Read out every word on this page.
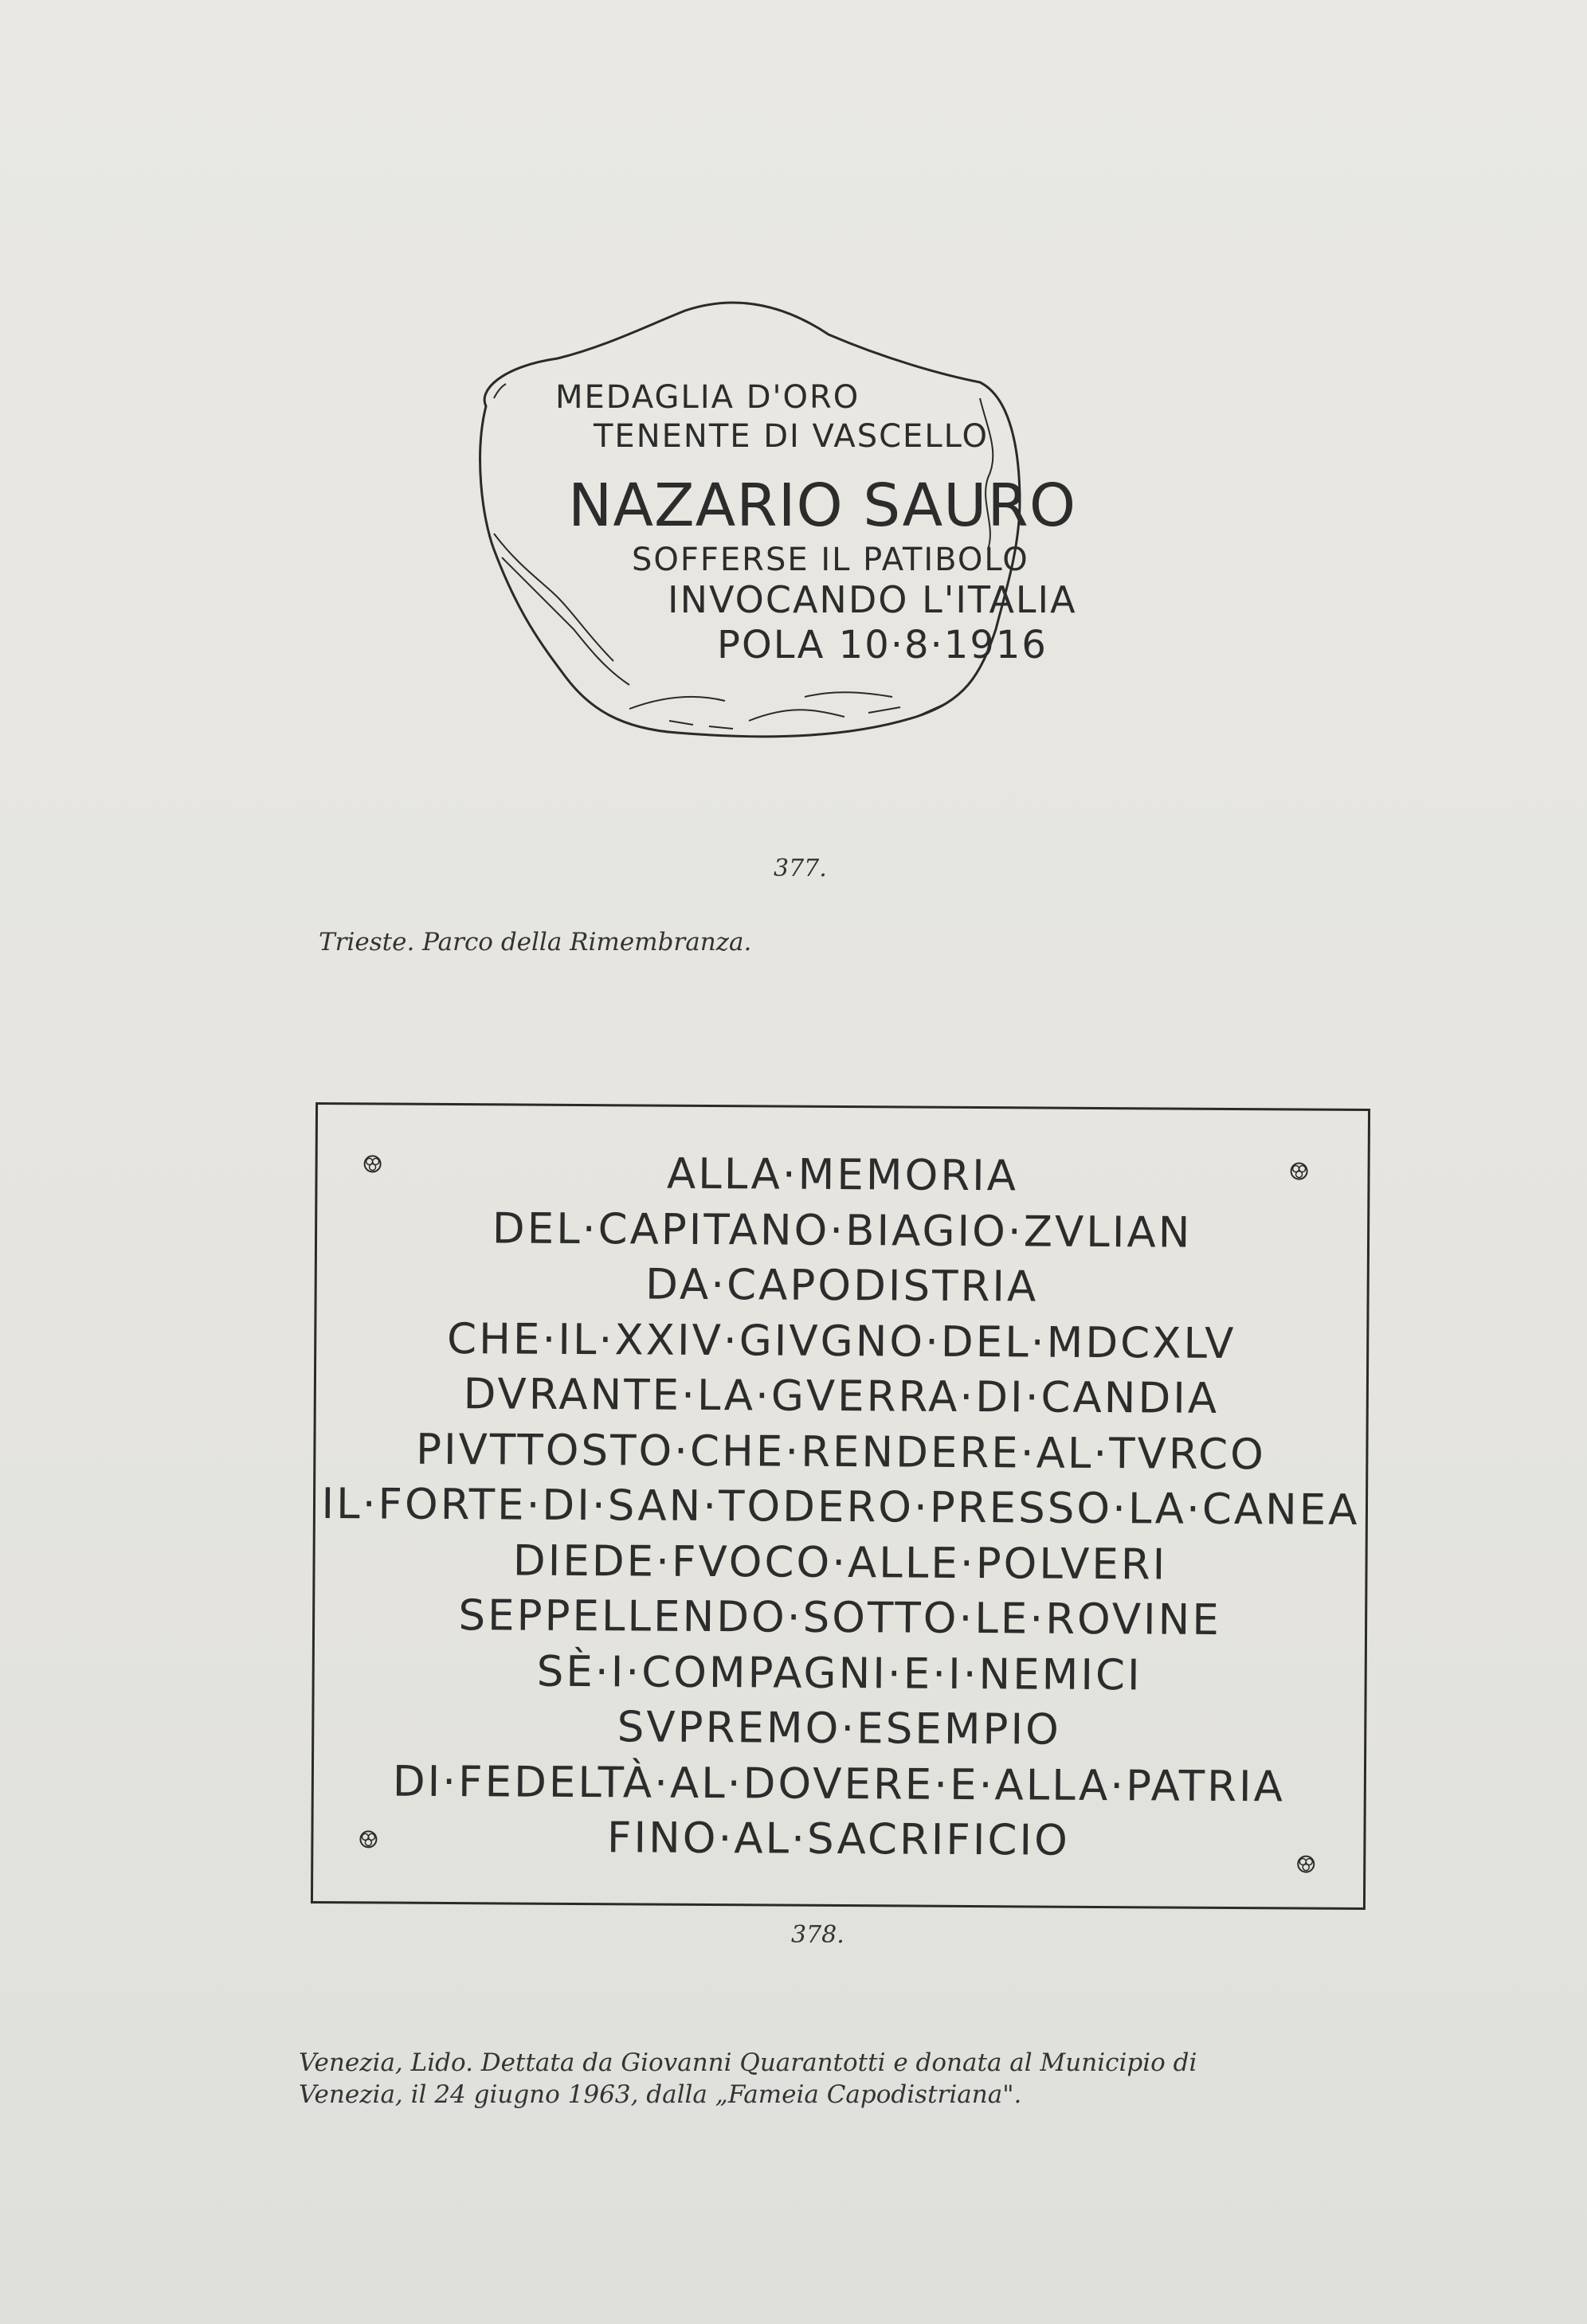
MEDAGLIA D'ORO
TENENTE DI VASCELLO
NAZARIO SAURO
SOFFERSE IL PATIBOLO
INVOCANDO L'ITALIA
POLA 10·8·1916
377.
Trieste. Parco della Rimembranza.
ALLA·MEMORIA
DEL·CAPITANO·BIAGIO·ZVLIAN
DA·CAPODISTRIA
CHE·IL·XXIV·GIVGNO·DEL·MDCXLV
DVRANTE·LA·GVERRA·DI·CANDIA
PIVTTOSTO·CHE·RENDERE·AL·TVRCO
IL·FORTE·DI·SAN·TODERO·PRESSO·LA·CANEA
DIEDE·FVOCO·ALLE·POLVERI
SEPPELLENDO·SOTTO·LE·ROVINE
SÈ·I·COMPAGNI·E·I·NEMICI
SVPREMO·ESEMPIO
DI·FEDELTÀ·AL·DOVERE·E·ALLA·PATRIA
FINO·AL·SACRIFICIO
378.
Venezia, Lido. Dettata da Giovanni Quarantotti e donata al Municipio di
Venezia, il 24 giugno 1963, dalla „Fameia Capodistriana".
